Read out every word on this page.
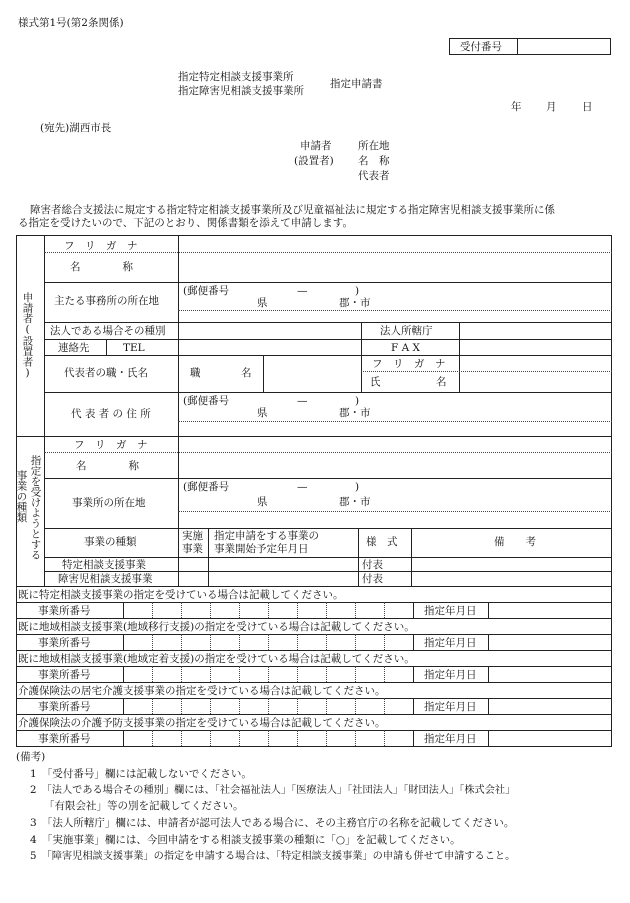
様式第1号(第2条関係)
受付番号
指定特定相談支援事業所
指定障害児相談支援事業所
指定申請書
年 月 日
(宛先)湖西市長
申請者
(設置者)
所在地
名　称
代表者
障害者総合支援法に規定する指定特定相談支援事業所及び児童福祉法に規定する指定障害児相談支援事業所に係
る指定を受けたいので、下記のとおり、関係書類を添えて申請します。
申請者(設置者)
指定を受けようとする
事業の種類
フ　リ　ガ　ナ
名　　　　称
主たる事務所の所在地
(郵便番号	—	)
県	郡・市
法人である場合その種別	法人所轄庁
連絡先	TEL	F A X
代表者の職・氏名	職	名
フ　リ　ガ　ナ
氏	名
代 表 者 の 住 所
(郵便番号	—	)
県	郡・市
フ　リ　ガ　ナ
名　　　　称
事業所の所在地
(郵便番号	—	)
県	郡・市
事業の種類	実施
事業
指定申請をする事業の
事業開始予定年月日
様　式	備　　考
特定相談支援事業	付表
障害児相談支援事業	付表
既に特定相談支援事業の指定を受けている場合は記載してください。
事業所番号	指定年月日
既に地域相談支援事業(地域移行支援)の指定を受けている場合は記載してください。
事業所番号	指定年月日
既に地域相談支援事業(地域定着支援)の指定を受けている場合は記載してください。
事業所番号	指定年月日
介護保険法の居宅介護支援事業の指定を受けている場合は記載してください。
事業所番号	指定年月日
介護保険法の介護予防支援事業の指定を受けている場合は記載してください。
事業所番号	指定年月日
(備考)
1　「受付番号」欄には記載しないでください。
2　「法人である場合その種別」欄には、「社会福祉法人」「医療法人」「社団法人」「財団法人」「株式会社」
「有限会社」等の別を記載してください。
3　「法人所轄庁」欄には、申請者が認可法人である場合に、その主務官庁の名称を記載してください。
4　「実施事業」欄には、今回申請をする相談支援事業の種類に「○」を記載してください。
5　「障害児相談支援事業」の指定を申請する場合は、「特定相談支援事業」の申請も併せて申請すること。
